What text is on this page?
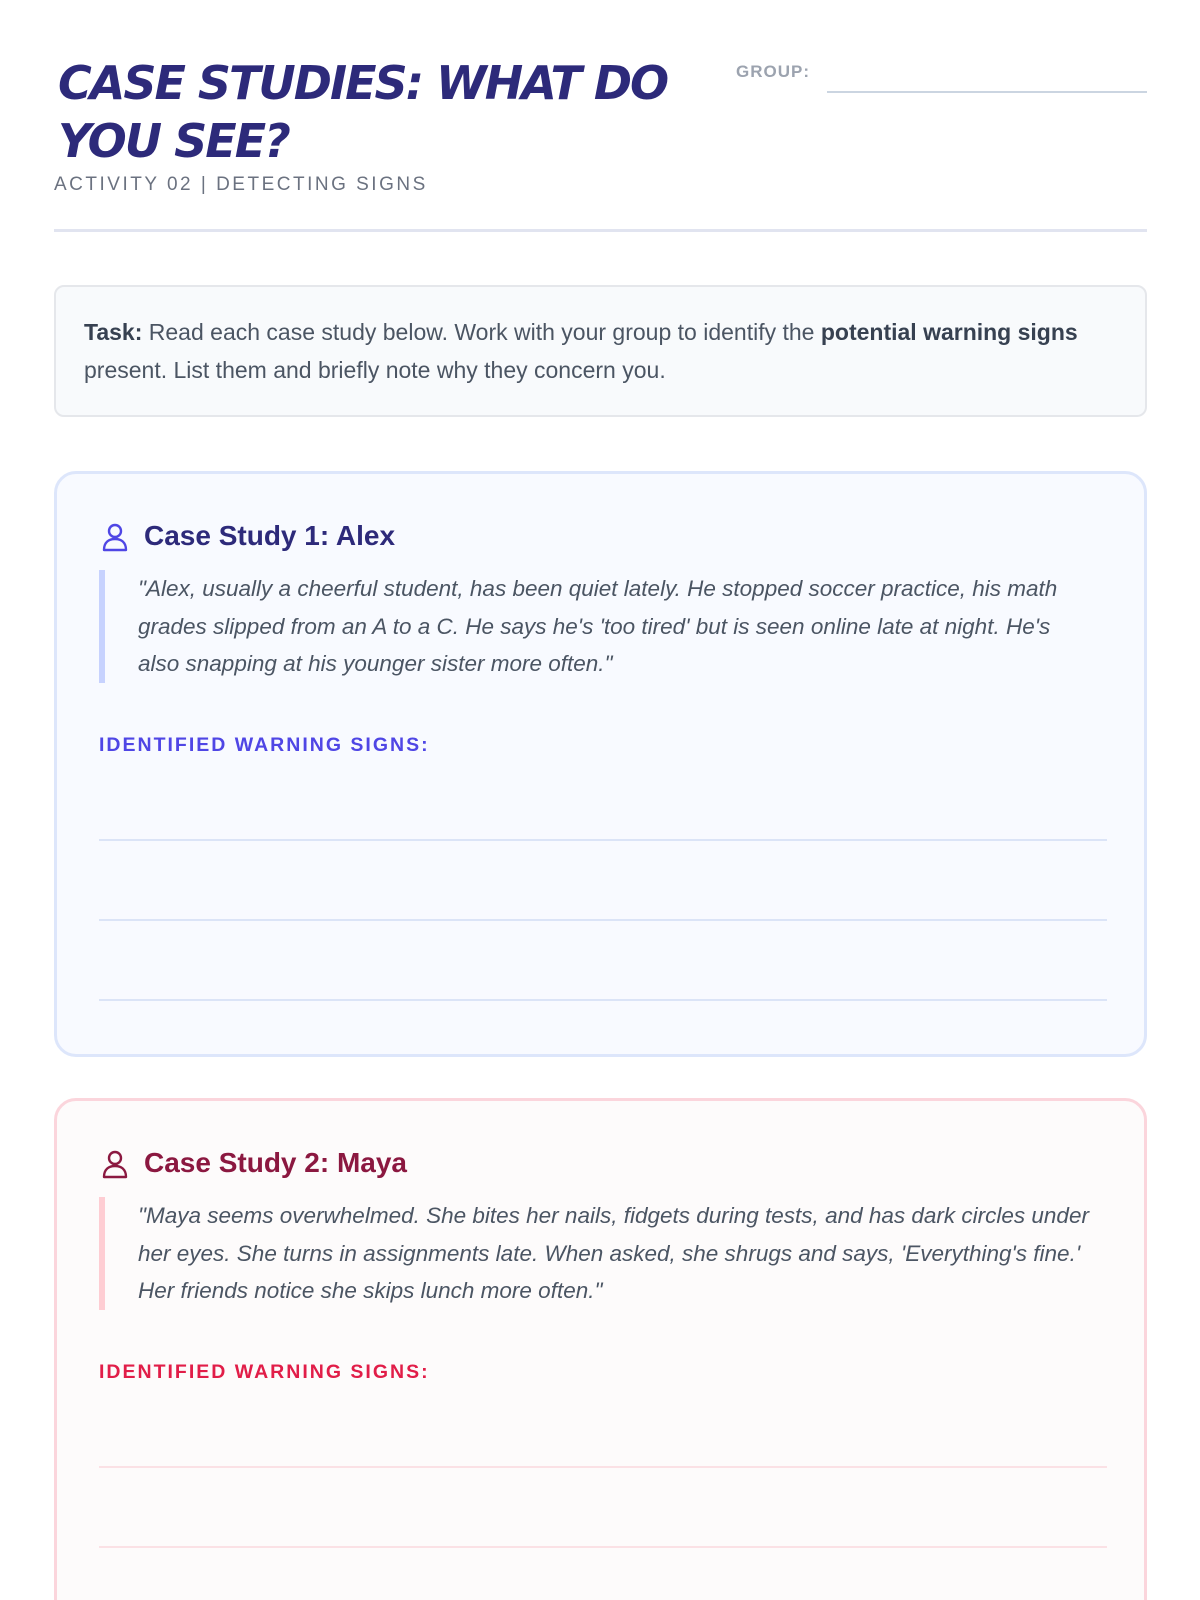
CASE STUDIES: WHAT DO YOU SEE?
ACTIVITY 02 | DETECTING SIGNS
GROUP:
Task: Read each case study below. Work with your group to identify the potential warning signs present. List them and briefly note why they concern you.
Case Study 1: Alex
"Alex, usually a cheerful student, has been quiet lately. He stopped soccer practice, his math grades slipped from an A to a C. He says he's 'too tired' but is seen online late at night. He's also snapping at his younger sister more often."
IDENTIFIED WARNING SIGNS:
Case Study 2: Maya
"Maya seems overwhelmed. She bites her nails, fidgets during tests, and has dark circles under her eyes. She turns in assignments late. When asked, she shrugs and says, 'Everything's fine.' Her friends notice she skips lunch more often."
IDENTIFIED WARNING SIGNS:
